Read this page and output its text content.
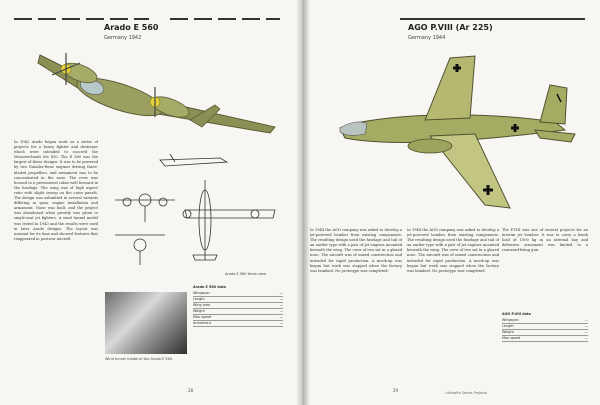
Arado E 560
Germany 1942

In 1942 Arado began work on a series of projects for a heavy fighter and destroyer which were intended to succeed the Messerschmitt Me 410. The E 560 was the largest of these designs. It was to be powered by two Daimler-Benz engines driving three-bladed propellers, and armament was to be concentrated in the nose. The crew was housed in a pressurised cabin well forward in the fuselage. The wing was of high aspect ratio with slight sweep on the outer panels. The design was submitted in several variants differing in span, engine installation and armament. None was built, and the project was abandoned when priority was given to single-seat jet fighters. A wind tunnel model was tested in 1943 and the results were used in later Arado designs. The layout was unusual for its time and showed features that reappeared in postwar aircraft.

Arado E 560 three-view
Wind tunnel model of the Arado E 560.
Arado E 560 data
Wingspan	—
Length	—
Wing area	—
Weight	—
Max speed	—
Armament	—
28
AGO P.VIII (Ar 225)
Germany 1944

In 1944 the AGO company was asked to develop a jet-powered bomber from existing components. The resulting design used the fuselage and tail of an earlier type with a pair of jet engines mounted beneath the wing. The crew of two sat in a glazed nose. The aircraft was of mixed construction and intended for rapid production. A mock-up was begun but work was stopped when the factory was bombed. No prototype was completed.

In 1944 the AGO company was asked to develop a jet-powered bomber from existing components. The resulting design used the fuselage and tail of an earlier type with a pair of jet engines mounted beneath the wing. The crew of two sat in a glazed nose. The aircraft was of mixed construction and intended for rapid production. A mock-up was begun but work was stopped when the factory was bombed. No prototype was completed.

The P.VIII was one of several projects for an interim jet bomber. It was to carry a bomb load of 1000 kg in an internal bay and defensive armament was limited to a rearward-firing gun.

AGO P.VIII data
Wingspan	—
Length	—
Weight	—
Max speed	—
29	Luftwaffe Secret Projects
